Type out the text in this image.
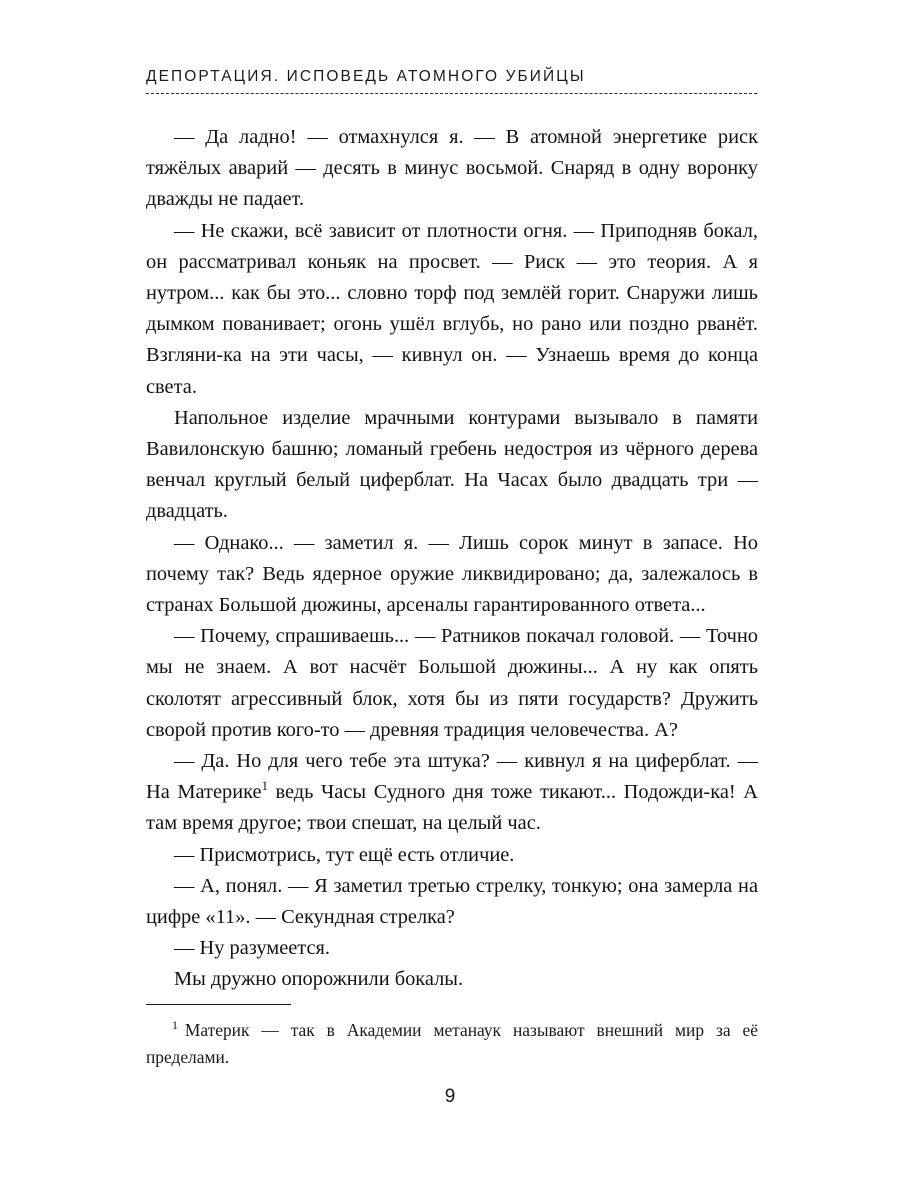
ДЕПОРТАЦИЯ. ИСПОВЕДЬ АТОМНОГО УБИЙЦЫ

— Да ладно! — отмахнулся я. — В атомной энергетике риск тяжёлых аварий — десять в минус восьмой. Снаряд в одну воронку дважды не падает.

— Не скажи, всё зависит от плотности огня. — Приподняв бокал, он рассматривал коньяк на просвет. — Риск — это теория. А я нутром... как бы это... словно торф под землёй горит. Снаружи лишь дымком пованивает; огонь ушёл вглубь, но рано или поздно рванёт. Взгляни-ка на эти часы, — кивнул он. — Узнаешь время до конца света.

Напольное изделие мрачными контурами вызывало в памяти Вавилонскую башню; ломаный гребень недостроя из чёрного дерева венчал круглый белый циферблат. На Часах было двадцать три — двадцать.

— Однако... — заметил я. — Лишь сорок минут в запасе. Но почему так? Ведь ядерное оружие ликвидировано; да, залежалось в странах Большой дюжины, арсеналы гарантированного ответа...

— Почему, спрашиваешь... — Ратников покачал головой. — Точно мы не знаем. А вот насчёт Большой дюжины... А ну как опять сколотят агрессивный блок, хотя бы из пяти государств? Дружить сворой против кого-то — древняя традиция человечества. А?

— Да. Но для чего тебе эта штука? — кивнул я на циферблат. — На Материке$^1$ ведь Часы Судного дня тоже тикают... Подожди-ка! А там время другое; твои спешат, на целый час.

— Присмотрись, тут ещё есть отличие.

— А, понял. — Я заметил третью стрелку, тонкую; она замерла на цифре «11». — Секундная стрелка?

— Ну разумеется.

Мы дружно опорожнили бокалы.

$^1$ Материк — так в Академии метанаук называют внешний мир за её пределами.

9
